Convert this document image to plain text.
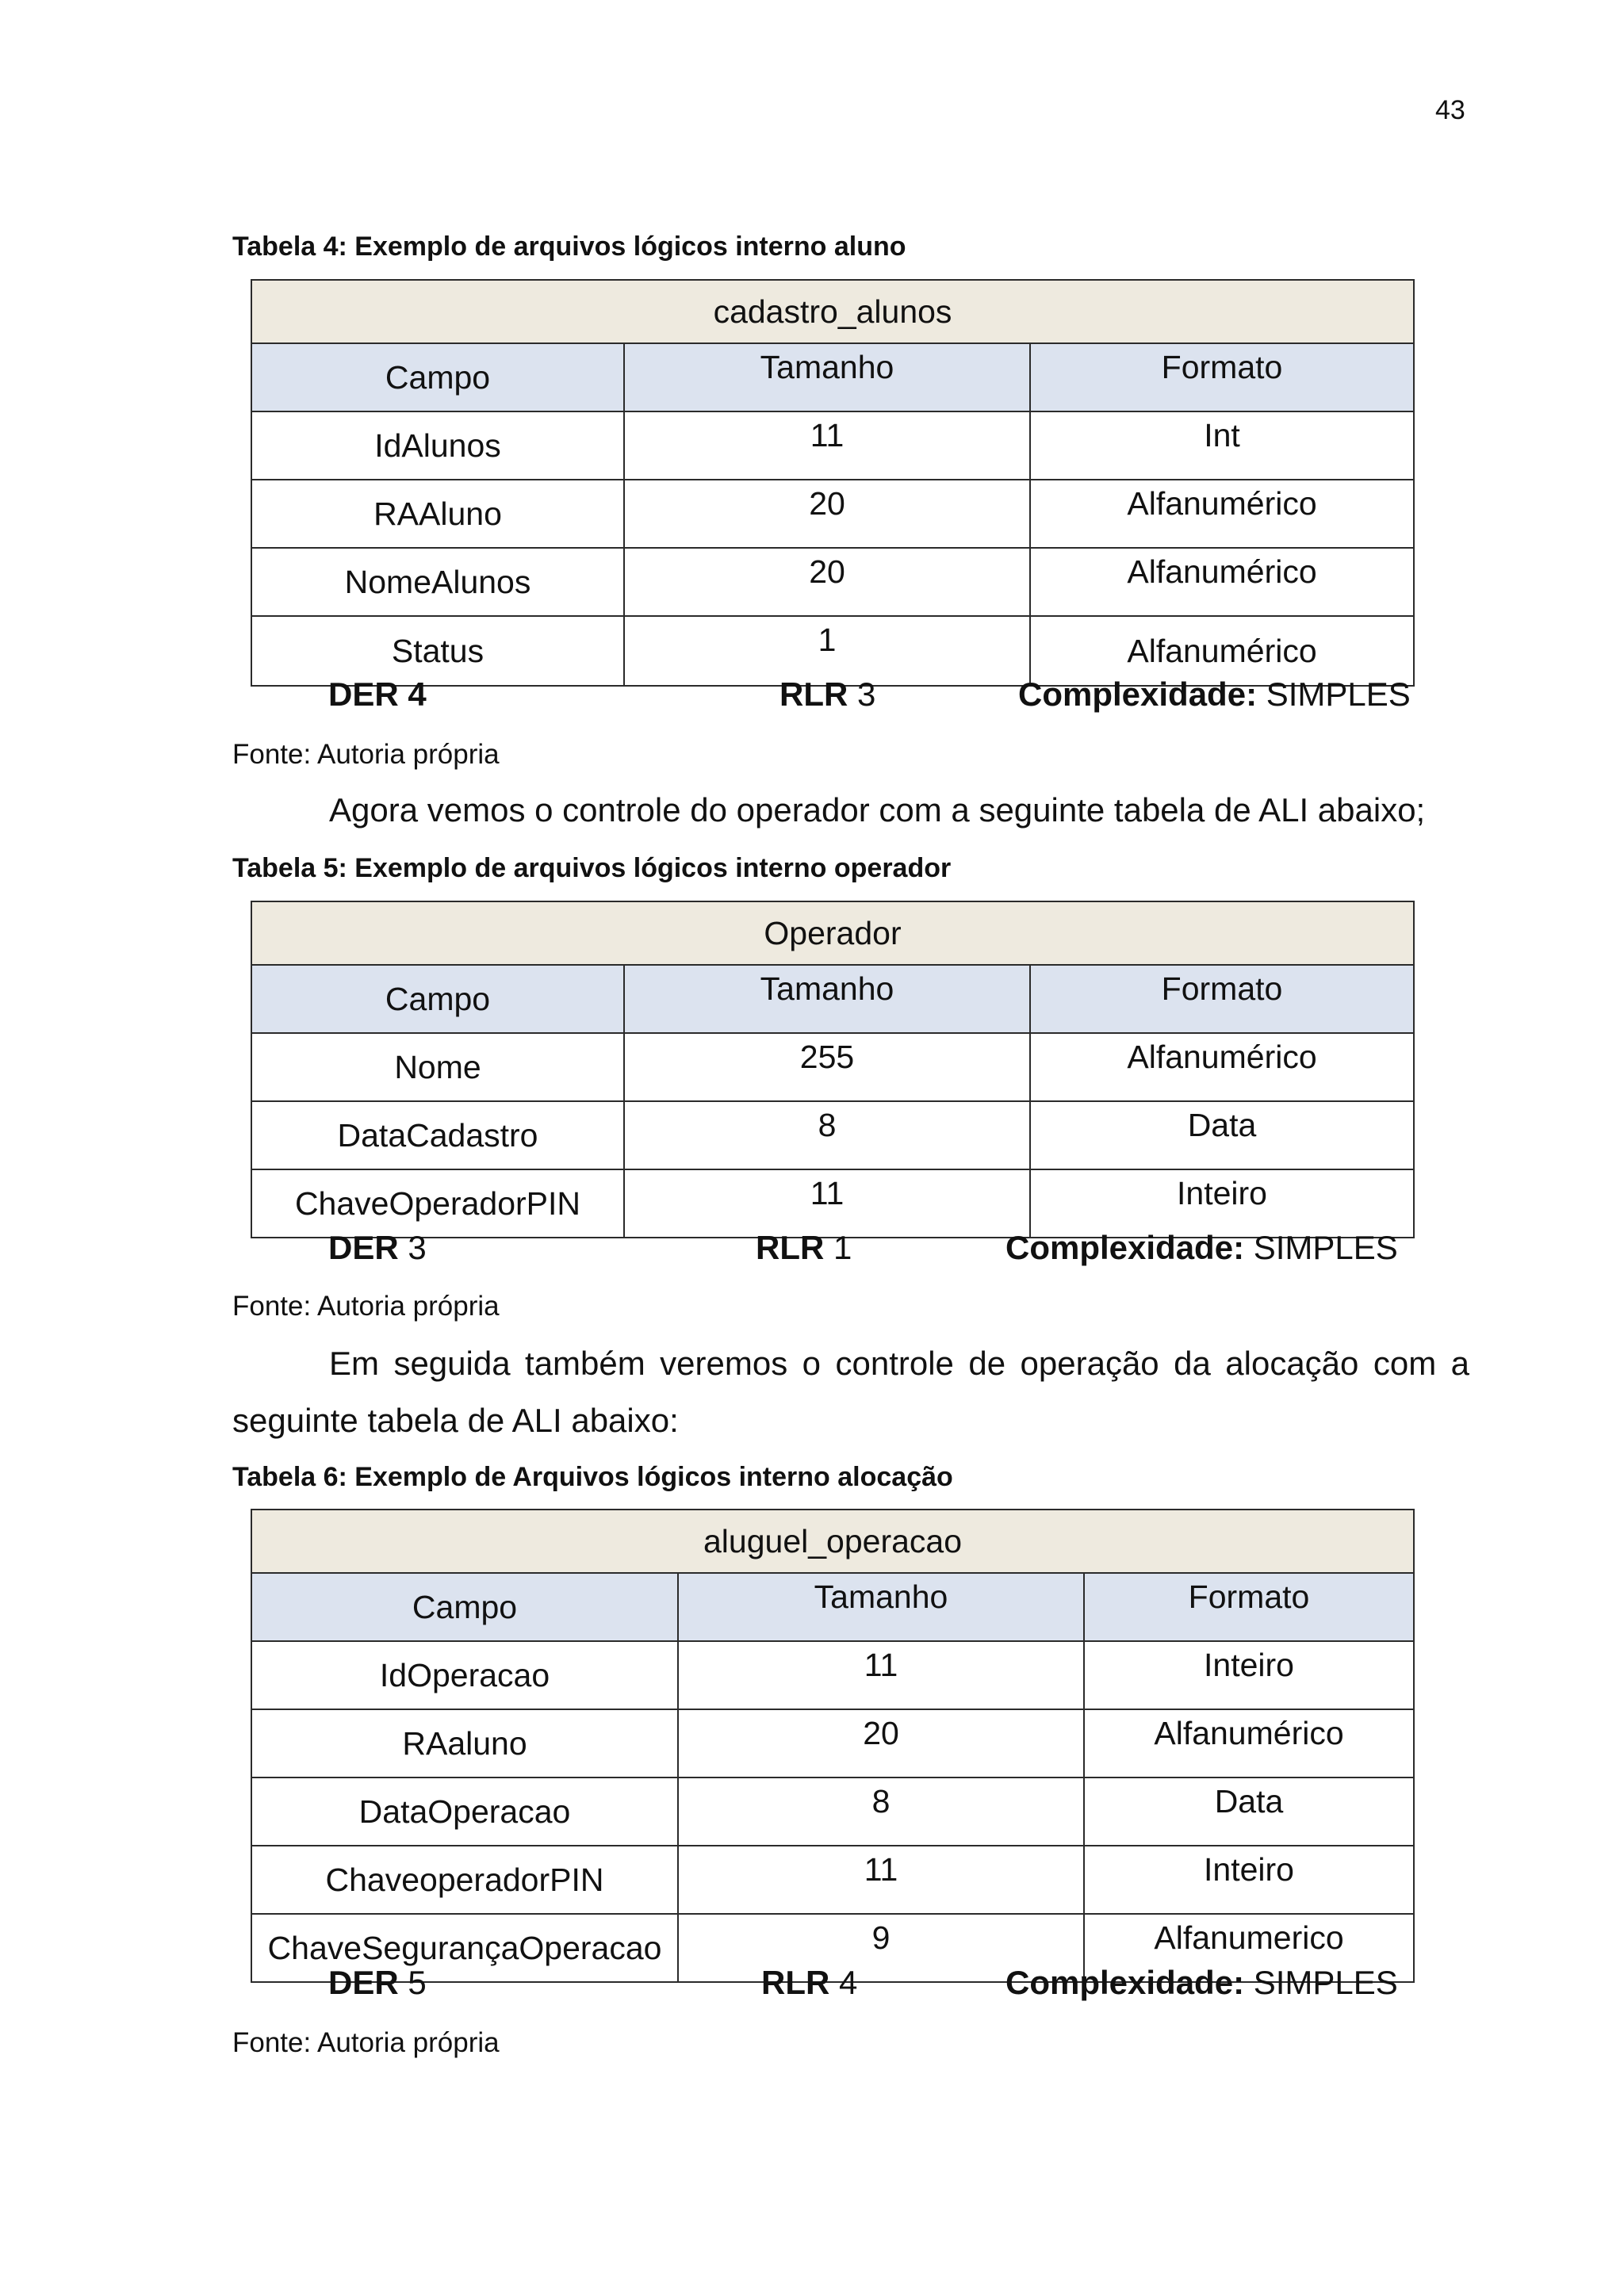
43
Tabela 4: Exemplo de arquivos lógicos interno aluno
cadastro_alunos		
Campo	Tamanho	Formato
IdAlunos	11	Int
RAAluno	20	Alfanumérico
NomeAlunos	20	Alfanumérico
Status	1	Alfanumérico
DER 4	RLR 3	Complexidade: SIMPLES
Fonte: Autoria própria
Agora vemos o controle do operador com a seguinte tabela de ALI abaixo;
Tabela 5: Exemplo de arquivos lógicos interno operador
Operador		
Campo	Tamanho	Formato
Nome	255	Alfanumérico
DataCadastro	8	Data
ChaveOperadorPIN	11	Inteiro
DER 3	RLR 1	Complexidade: SIMPLES
Fonte: Autoria própria
Em seguida também veremos o controle de operação da alocação com a seguinte tabela de ALI abaixo:
Tabela 6: Exemplo de Arquivos lógicos interno alocação
aluguel_operacao		
Campo	Tamanho	Formato
IdOperacao	11	Inteiro
RAaluno	20	Alfanumérico
DataOperacao	8	Data
ChaveoperadorPIN	11	Inteiro
ChaveSegurançaOperacao	9	Alfanumerico
DER 5	RLR 4	Complexidade: SIMPLES
Fonte: Autoria própria
